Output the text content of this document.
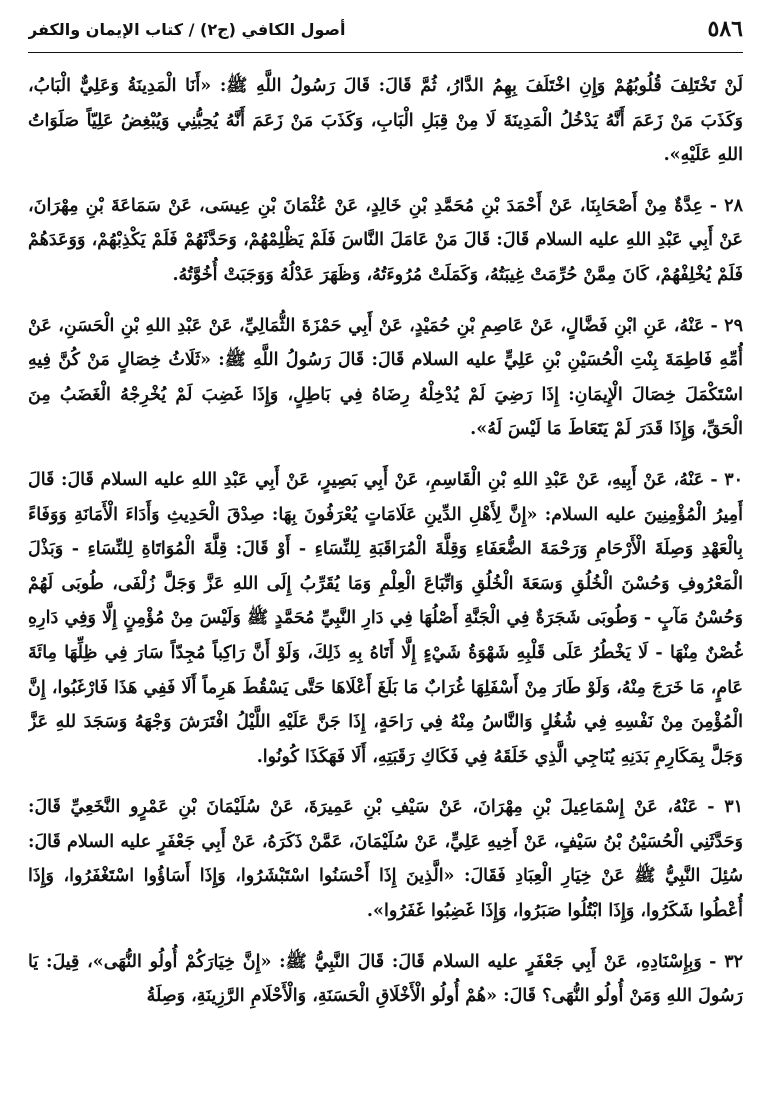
٥٨٦
أصول الكافي (ج٢) / كتاب الإيمان والكفر

لَنْ تَخْتَلِفَ قُلُوبُهُمْ وَإِنِ اخْتَلَفَ بِهِمُ الدَّارُ، ثُمَّ قَالَ: قَالَ رَسُولُ اللَّهِ ﷺ: «أَنَا الْمَدِينَةُ وَعَلِيٌّ الْبَابُ، وَكَذَبَ مَنْ زَعَمَ أَنَّهُ يَدْخُلُ الْمَدِينَةَ لَا مِنْ قِبَلِ الْبَابِ، وَكَذَبَ مَنْ زَعَمَ أَنَّهُ يُحِبُّنِي وَيُبْغِضُ عَلِيّاً صَلَوَاتُ اللهِ عَلَيْهِ».

٢٨ - عِدَّةٌ مِنْ أَصْحَابِنَا، عَنْ أَحْمَدَ بْنِ مُحَمَّدِ بْنِ خَالِدٍ، عَنْ عُثْمَانَ بْنِ عِيسَى، عَنْ سَمَاعَةَ بْنِ مِهْرَانَ، عَنْ أَبِي عَبْدِ اللهِ عليه السلام قَالَ: قَالَ مَنْ عَامَلَ النَّاسَ فَلَمْ يَظْلِمْهُمْ، وَحَدَّثَهُمْ فَلَمْ يَكْذِبْهُمْ، وَوَعَدَهُمْ فَلَمْ يُخْلِفْهُمْ، كَانَ مِمَّنْ حُرِّمَتْ غِيبَتُهُ، وَكَمَلَتْ مُرُوءَتُهُ، وَظَهَرَ عَدْلُهُ وَوَجَبَتْ أُخُوَّتُهُ.

٢٩ - عَنْهُ، عَنِ ابْنِ فَضَّالٍ، عَنْ عَاصِمِ بْنِ حُمَيْدٍ، عَنْ أَبِي حَمْزَةَ الثُّمَالِيِّ، عَنْ عَبْدِ اللهِ بْنِ الْحَسَنِ، عَنْ أُمِّهِ فَاطِمَةَ بِنْتِ الْحُسَيْنِ بْنِ عَلِيٍّ عليه السلام قَالَ: قَالَ رَسُولُ اللَّهِ ﷺ: «ثَلَاثُ خِصَالٍ مَنْ كُنَّ فِيهِ اسْتَكْمَلَ خِصَالَ الْإِيمَانِ: إِذَا رَضِيَ لَمْ يُدْخِلْهُ رِضَاهُ فِي بَاطِلٍ، وَإِذَا غَضِبَ لَمْ يُخْرِجْهُ الْغَضَبُ مِنَ الْحَقِّ، وَإِذَا قَدَرَ لَمْ يَتَعَاطَ مَا لَيْسَ لَهُ».

٣٠ - عَنْهُ، عَنْ أَبِيهِ، عَنْ عَبْدِ اللهِ بْنِ الْقَاسِمِ، عَنْ أَبِي بَصِيرٍ، عَنْ أَبِي عَبْدِ اللهِ عليه السلام قَالَ: قَالَ أَمِيرُ الْمُؤْمِنِينَ عليه السلام: «إِنَّ لِأَهْلِ الدِّينِ عَلَامَاتٍ يُعْرَفُونَ بِهَا: صِدْقَ الْحَدِيثِ وَأَدَاءَ الْأَمَانَةِ وَوَفَاءً بِالْعَهْدِ وَصِلَةَ الْأَرْحَامِ وَرَحْمَةَ الضُّعَفَاءِ وَقِلَّةَ الْمُرَاقَبَةِ لِلنِّسَاءِ - أَوْ قَالَ: قِلَّةَ الْمُوَاتَاةِ لِلنِّسَاءِ - وَبَذْلَ الْمَعْرُوفِ وَحُسْنَ الْخُلُقِ وَسَعَةَ الْخُلُقِ وَاتِّبَاعَ الْعِلْمِ وَمَا يُقَرِّبُ إِلَى اللهِ عَزَّ وَجَلَّ زُلْفَى، طُوبَى لَهُمْ وَحُسْنُ مَآبٍ - وَطُوبَى شَجَرَةٌ فِي الْجَنَّةِ أَصْلُهَا فِي دَارِ النَّبِيِّ مُحَمَّدٍ ﷺ وَلَيْسَ مِنْ مُؤْمِنٍ إِلَّا وَفِي دَارِهِ غُصْنٌ مِنْهَا - لَا يَخْطُرُ عَلَى قَلْبِهِ شَهْوَةُ شَيْءٍ إِلَّا أَتَاهُ بِهِ ذَلِكَ، وَلَوْ أَنَّ رَاكِباً مُجِدّاً سَارَ فِي ظِلِّهَا مِائَةَ عَامٍ، مَا خَرَجَ مِنْهُ، وَلَوْ طَارَ مِنْ أَسْفَلِهَا غُرَابٌ مَا بَلَغَ أَعْلَاهَا حَتَّى يَسْقُطَ هَرِماً أَلَا فَفِي هَذَا فَارْغَبُوا، إِنَّ الْمُؤْمِنَ مِنْ نَفْسِهِ فِي شُغُلٍ وَالنَّاسُ مِنْهُ فِي رَاحَةٍ، إِذَا جَنَّ عَلَيْهِ اللَّيْلُ افْتَرَشَ وَجْهَهُ وَسَجَدَ للهِ عَزَّ وَجَلَّ بِمَكَارِمِ بَدَنِهِ يُنَاجِي الَّذِي خَلَقَهُ فِي فَكَاكِ رَقَبَتِهِ، أَلَا فَهَكَذَا كُونُوا.

٣١ - عَنْهُ، عَنْ إِسْمَاعِيلَ بْنِ مِهْرَانَ، عَنْ سَيْفِ بْنِ عَمِيرَةَ، عَنْ سُلَيْمَانَ بْنِ عَمْرٍو النَّخَعِيِّ قَالَ: وَحَدَّثَنِي الْحُسَيْنُ بْنُ سَيْفٍ، عَنْ أَخِيهِ عَلِيٍّ، عَنْ سُلَيْمَانَ، عَمَّنْ ذَكَرَهُ، عَنْ أَبِي جَعْفَرٍ عليه السلام قَالَ: سُئِلَ النَّبِيُّ ﷺ عَنْ خِيَارِ الْعِبَادِ فَقَالَ: «الَّذِينَ إِذَا أَحْسَنُوا اسْتَبْشَرُوا، وَإِذَا أَسَاؤُوا اسْتَغْفَرُوا، وَإِذَا أُعْطُوا شَكَرُوا، وَإِذَا ابْتُلُوا صَبَرُوا، وَإِذَا غَضِبُوا غَفَرُوا».

٣٢ - وَبِإِسْنَادِهِ، عَنْ أَبِي جَعْفَرٍ عليه السلام قَالَ: قَالَ النَّبِيُّ ﷺ: «إِنَّ خِيَارَكُمْ أُولُو النُّهَى»، قِيلَ: يَا رَسُولَ اللهِ وَمَنْ أُولُو النُّهَى؟ قَالَ: «هُمْ أُولُو الْأَخْلَاقِ الْحَسَنَةِ، وَالْأَحْلَامِ الرَّزِينَةِ، وَصِلَةُ
